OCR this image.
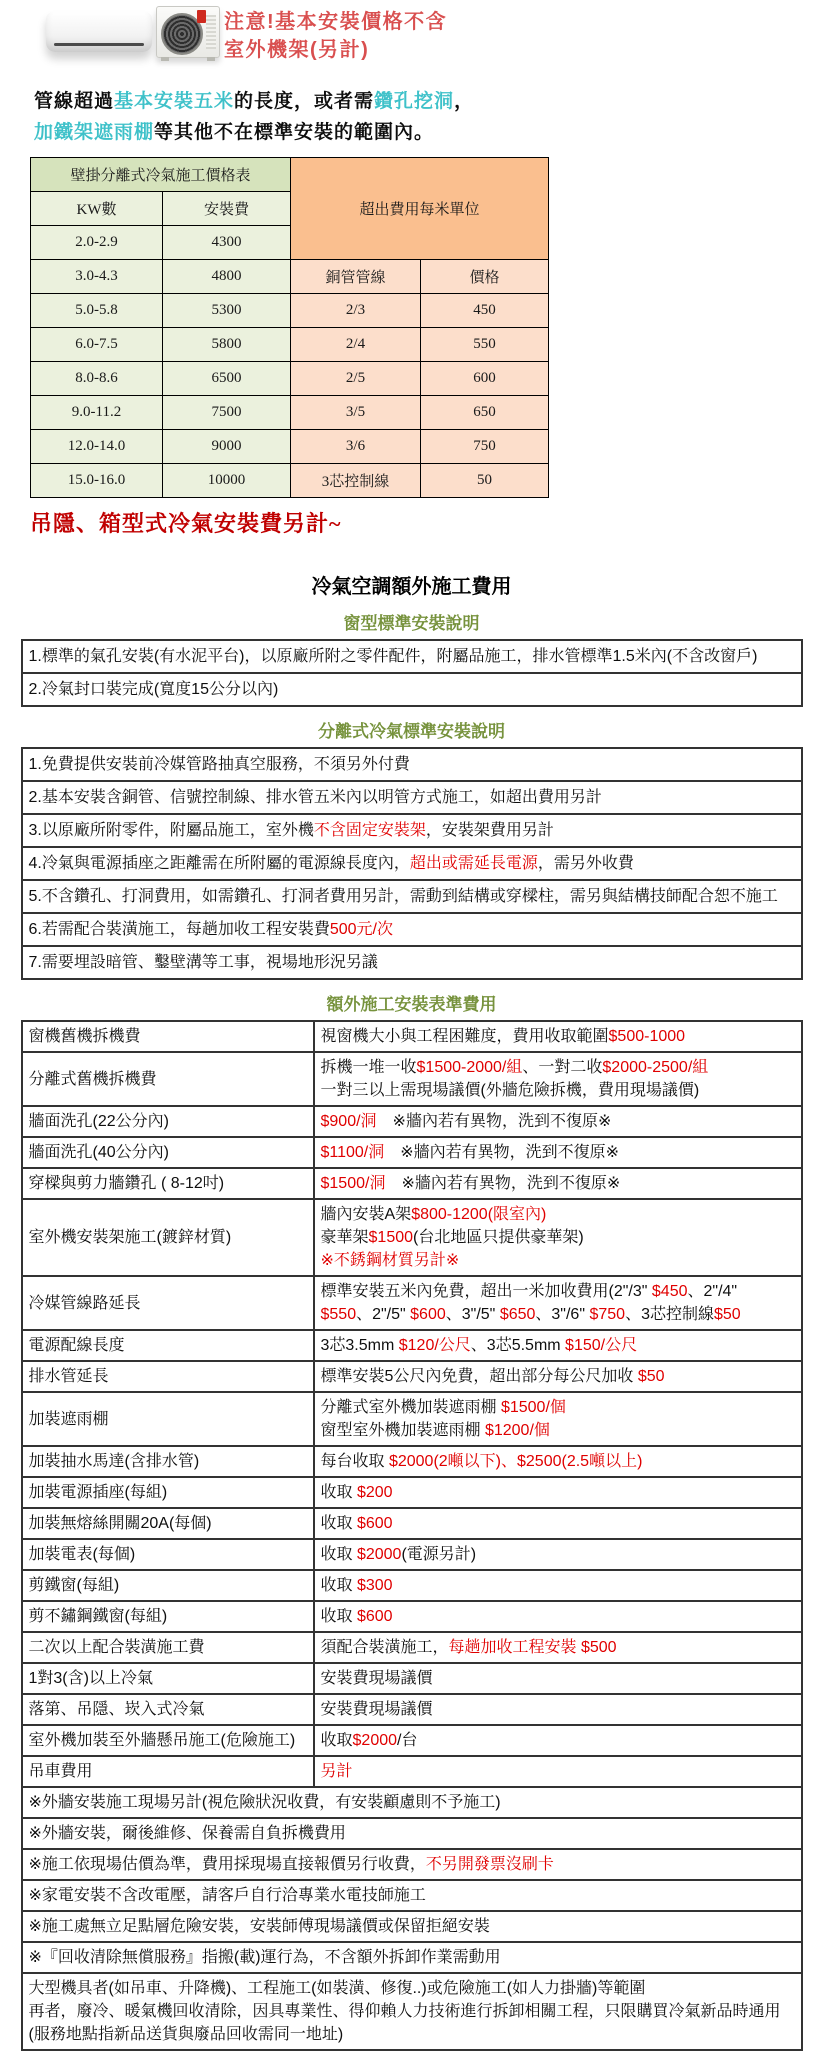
注意!基本安裝價格不含
室外機架(另計)
管線超過基本安裝五米的長度，或者需鑽孔挖洞，
加鐵架遮雨棚等其他不在標準安裝的範圍內。
壁掛分離式冷氣施工價格表		超出費用每米單位	
KW數	安裝費		
2.0-2.9	4300		
3.0-4.3	4800	銅管管線	價格
5.0-5.8	5300	2/3	450
6.0-7.5	5800	2/4	550
8.0-8.6	6500	2/5	600
9.0-11.2	7500	3/5	650
12.0-14.0	9000	3/6	750
15.0-16.0	10000	3芯控制線	50
吊隱、箱型式冷氣安裝費另計~
冷氣空調額外施工費用
窗型標準安裝說明
1.標準的氣孔安裝(有水泥平台)，以原廠所附之零件配件，附屬品施工，排水管標準1.5米內(不含改窗戶)
2.冷氣封口裝完成(寬度15公分以內)
分離式冷氣標準安裝說明
1.免費提供安裝前冷媒管路抽真空服務，不須另外付費
2.基本安裝含銅管、信號控制線、排水管五米內以明管方式施工，如超出費用另計
3.以原廠所附零件，附屬品施工，室外機不含固定安裝架，安裝架費用另計
4.冷氣與電源插座之距離需在所附屬的電源線長度內，超出或需延長電源，需另外收費
5.不含鑽孔、打洞費用，如需鑽孔、打洞者費用另計，需動到結構或穿樑柱，需另與結構技師配合恕不施工
6.若需配合裝潢施工，每趟加收工程安裝費500元/次
7.需要埋設暗管、鑿壁溝等工事，視場地形況另議
額外施工安裝表準費用
窗機舊機拆機費	視窗機大小與工程困難度，費用收取範圍$500-1000

分離式舊機拆機費	拆機一堆一收$1500-2000/組、一對二收$2000-2500/組
一對三以上需現場議價(外牆危險拆機，費用現場議價)

牆面洗孔(22公分內)	$900/洞　※牆內若有異物，洗到不復原※

牆面洗孔(40公分內)	$1100/洞　※牆內若有異物，洗到不復原※

穿樑與剪力牆鑽孔 ( 8-12吋)	$1500/洞　※牆內若有異物，洗到不復原※

室外機安裝架施工(鍍鋅材質)	牆內安裝A架$800-1200(限室內)
豪華架$1500(台北地區只提供豪華架)
※不銹鋼材質另計※

冷媒管線路延長	標準安裝五米內免費，超出一米加收費用(2"/3" $450、2"/4"
$550、2"/5" $600、3"/5" $650、3"/6" $750、3芯控制線$50

電源配線長度	3芯3.5mm $120/公尺、3芯5.5mm $150/公尺

排水管延長	標準安裝5公尺內免費，超出部分每公尺加收 $50

加裝遮雨棚	分離式室外機加裝遮雨棚 $1500/個
窗型室外機加裝遮雨棚 $1200/個

加裝抽水馬達(含排水管)	每台收取 $2000(2噸以下)、$2500(2.5噸以上)

加裝電源插座(每組)	收取 $200

加裝無熔絲開關20A(每個)	收取 $600

加裝電表(每個)	收取 $2000(電源另計)

剪鐵窗(每組)	收取 $300

剪不鏽鋼鐵窗(每組)	收取 $600

二次以上配合裝潢施工費	須配合裝潢施工，每趟加收工程安裝 $500

1對3(含)以上冷氣	安裝費現場議價

落第、吊隱、崁入式冷氣	安裝費現場議價

室外機加裝至外牆懸吊施工(危險施工)	收取$2000/台

吊車費用	另計

※外牆安裝施工現場另計(視危險狀況收費，有安裝顧慮則不予施工)	
※外牆安裝，爾後維修、保養需自負拆機費用	
※施工依現場估價為準，費用採現場直接報價另行收費，不另開發票沒刷卡	
※家電安裝不含改電壓，請客戶自行洽專業水電技師施工	
※施工處無立足點層危險安裝，安裝師傅現場議價或保留拒絕安裝	
※『回收清除無償服務』指搬(載)運行為，不含額外拆卸作業需動用	

大型機具者(如吊車、升降機)、工程施工(如裝潢、修復..)或危險施工(如人力掛牆)等範圍
再者，廢冷、暖氣機回收清除，因具專業性、得仰賴人力技術進行拆卸相關工程，只限購買冷氣新品時通用
(服務地點指新品送貨與廢品回收需同一地址)	
